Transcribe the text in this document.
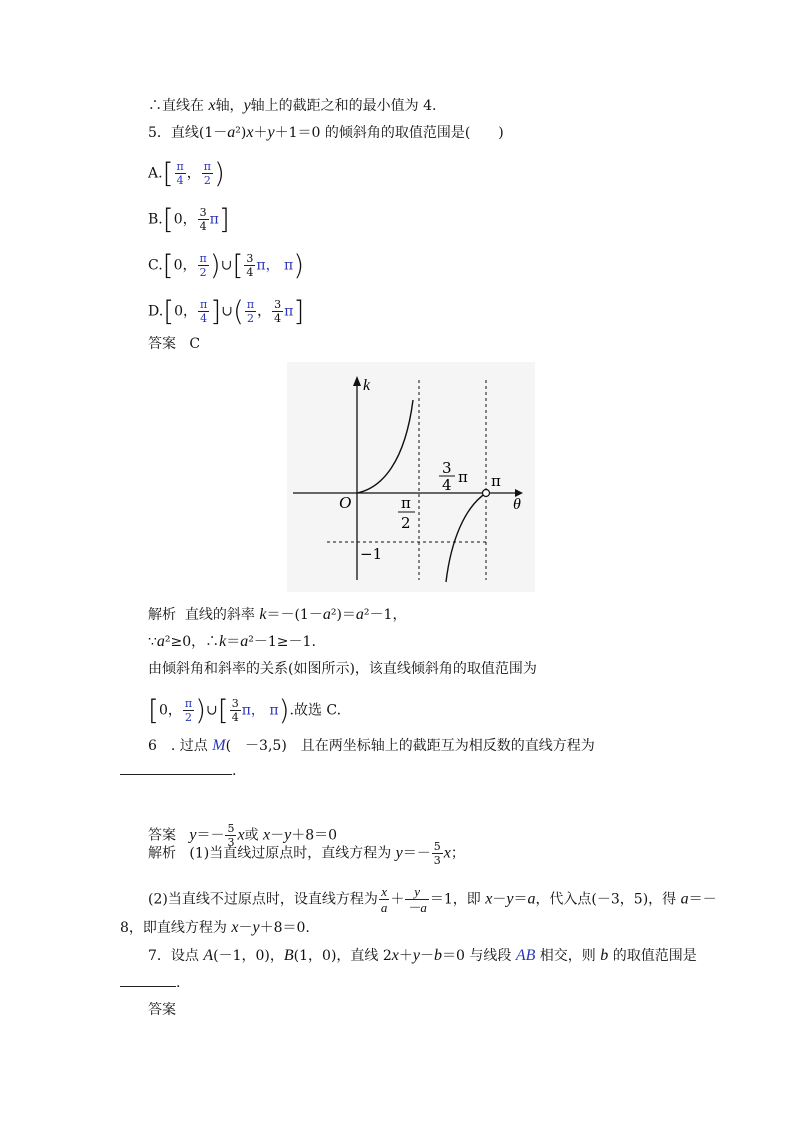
∴直线在 x轴，y轴上的截距之和的最小值为 4.
5．直线(1－a²)x＋y＋1＝0 的倾斜角的取值范围是(　　)
$A.[ \frac{\pi}{4}$ ， $\frac{\pi}{2}$ )
B.[0， $\frac{3}{4} \pi$]
C.[0， $\frac{\pi}{2}$ )∪[ $\frac{3}{4}$ π， π)
D.[0， $\frac{\pi}{4}$ ]∪( $\frac{\pi}{2}$ ， $\frac{3}{4} \pi$]
答案 C
k
O	θ
π
2
3
4 π π
−1
解析 直线的斜率 k＝－(1－a²)＝a²－1，
∵a²≥0，∴k＝a²－1≥－1.
由倾斜角和斜率的关系(如图所示)，该直线倾斜角的取值范围为
[0， $\frac{\pi}{2}$ )∪[ $\frac{3}{4}$ π， π).故选 C.
6　. 过点 M(　－3,5)　且在两坐标轴上的截距互为相反数的直线方程为
.
答案 $y=- \frac{5}{3}$ x或 x－y＋8＝0
解析 (1)当直线过原点时，直线方程为 $y=- \frac{5}{3}$ x；
(2)当直线不过原点时，设直线方程为 $\frac{x}{a} + \frac{y}{-a} =1$，即 x－y＝a，代入点(－3，5)，得 a＝－
8，即直线方程为 x－y＋8＝0.
7．设点 A(－1，0)，B(1，0)，直线 2x＋y－b＝0 与线段 AB 相交，则 b 的取值范围是
.
答案
